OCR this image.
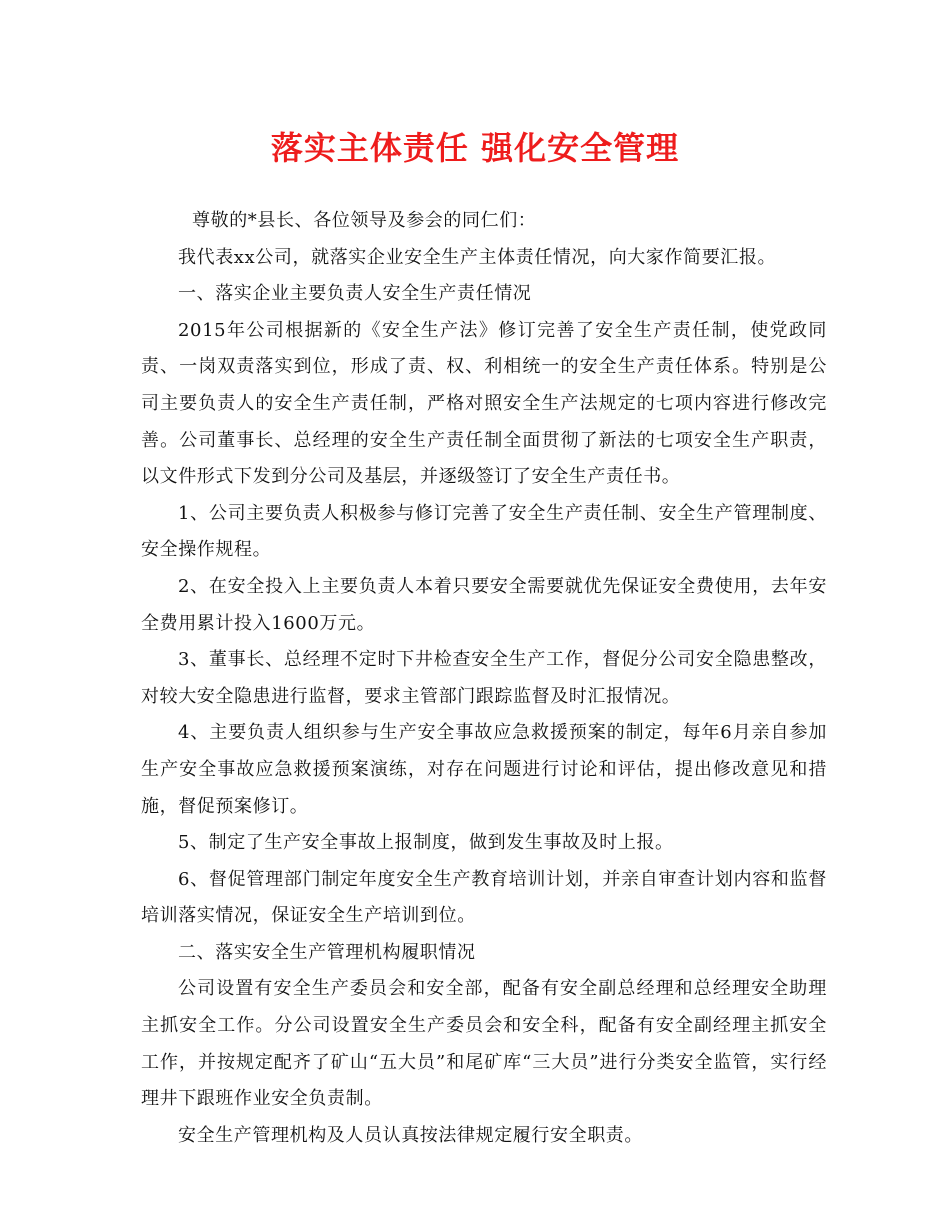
落实主体责任 强化安全管理

尊敬的*县长、各位领导及参会的同仁们：

我代表xx公司，就落实企业安全生产主体责任情况，向大家作简要汇报。

一、落实企业主要负责人安全生产责任情况

2015年公司根据新的《安全生产法》修订完善了安全生产责任制，使党政同责、一岗双责落实到位，形成了责、权、利相统一的安全生产责任体系。特别是公司主要负责人的安全生产责任制，严格对照安全生产法规定的七项内容进行修改完善。公司董事长、总经理的安全生产责任制全面贯彻了新法的七项安全生产职责，以文件形式下发到分公司及基层，并逐级签订了安全生产责任书。

1、公司主要负责人积极参与修订完善了安全生产责任制、安全生产管理制度、安全操作规程。

2、在安全投入上主要负责人本着只要安全需要就优先保证安全费使用，去年安全费用累计投入1600万元。

3、董事长、总经理不定时下井检查安全生产工作，督促分公司安全隐患整改，对较大安全隐患进行监督，要求主管部门跟踪监督及时汇报情况。

4、主要负责人组织参与生产安全事故应急救援预案的制定，每年6月亲自参加生产安全事故应急救援预案演练，对存在问题进行讨论和评估，提出修改意见和措施，督促预案修订。

5、制定了生产安全事故上报制度，做到发生事故及时上报。

6、督促管理部门制定年度安全生产教育培训计划，并亲自审查计划内容和监督培训落实情况，保证安全生产培训到位。

二、落实安全生产管理机构履职情况

公司设置有安全生产委员会和安全部，配备有安全副总经理和总经理安全助理主抓安全工作。分公司设置安全生产委员会和安全科，配备有安全副经理主抓安全工作，并按规定配齐了矿山“五大员”和尾矿库“三大员”进行分类安全监管，实行经理井下跟班作业安全负责制。

安全生产管理机构及人员认真按法律规定履行安全职责。
